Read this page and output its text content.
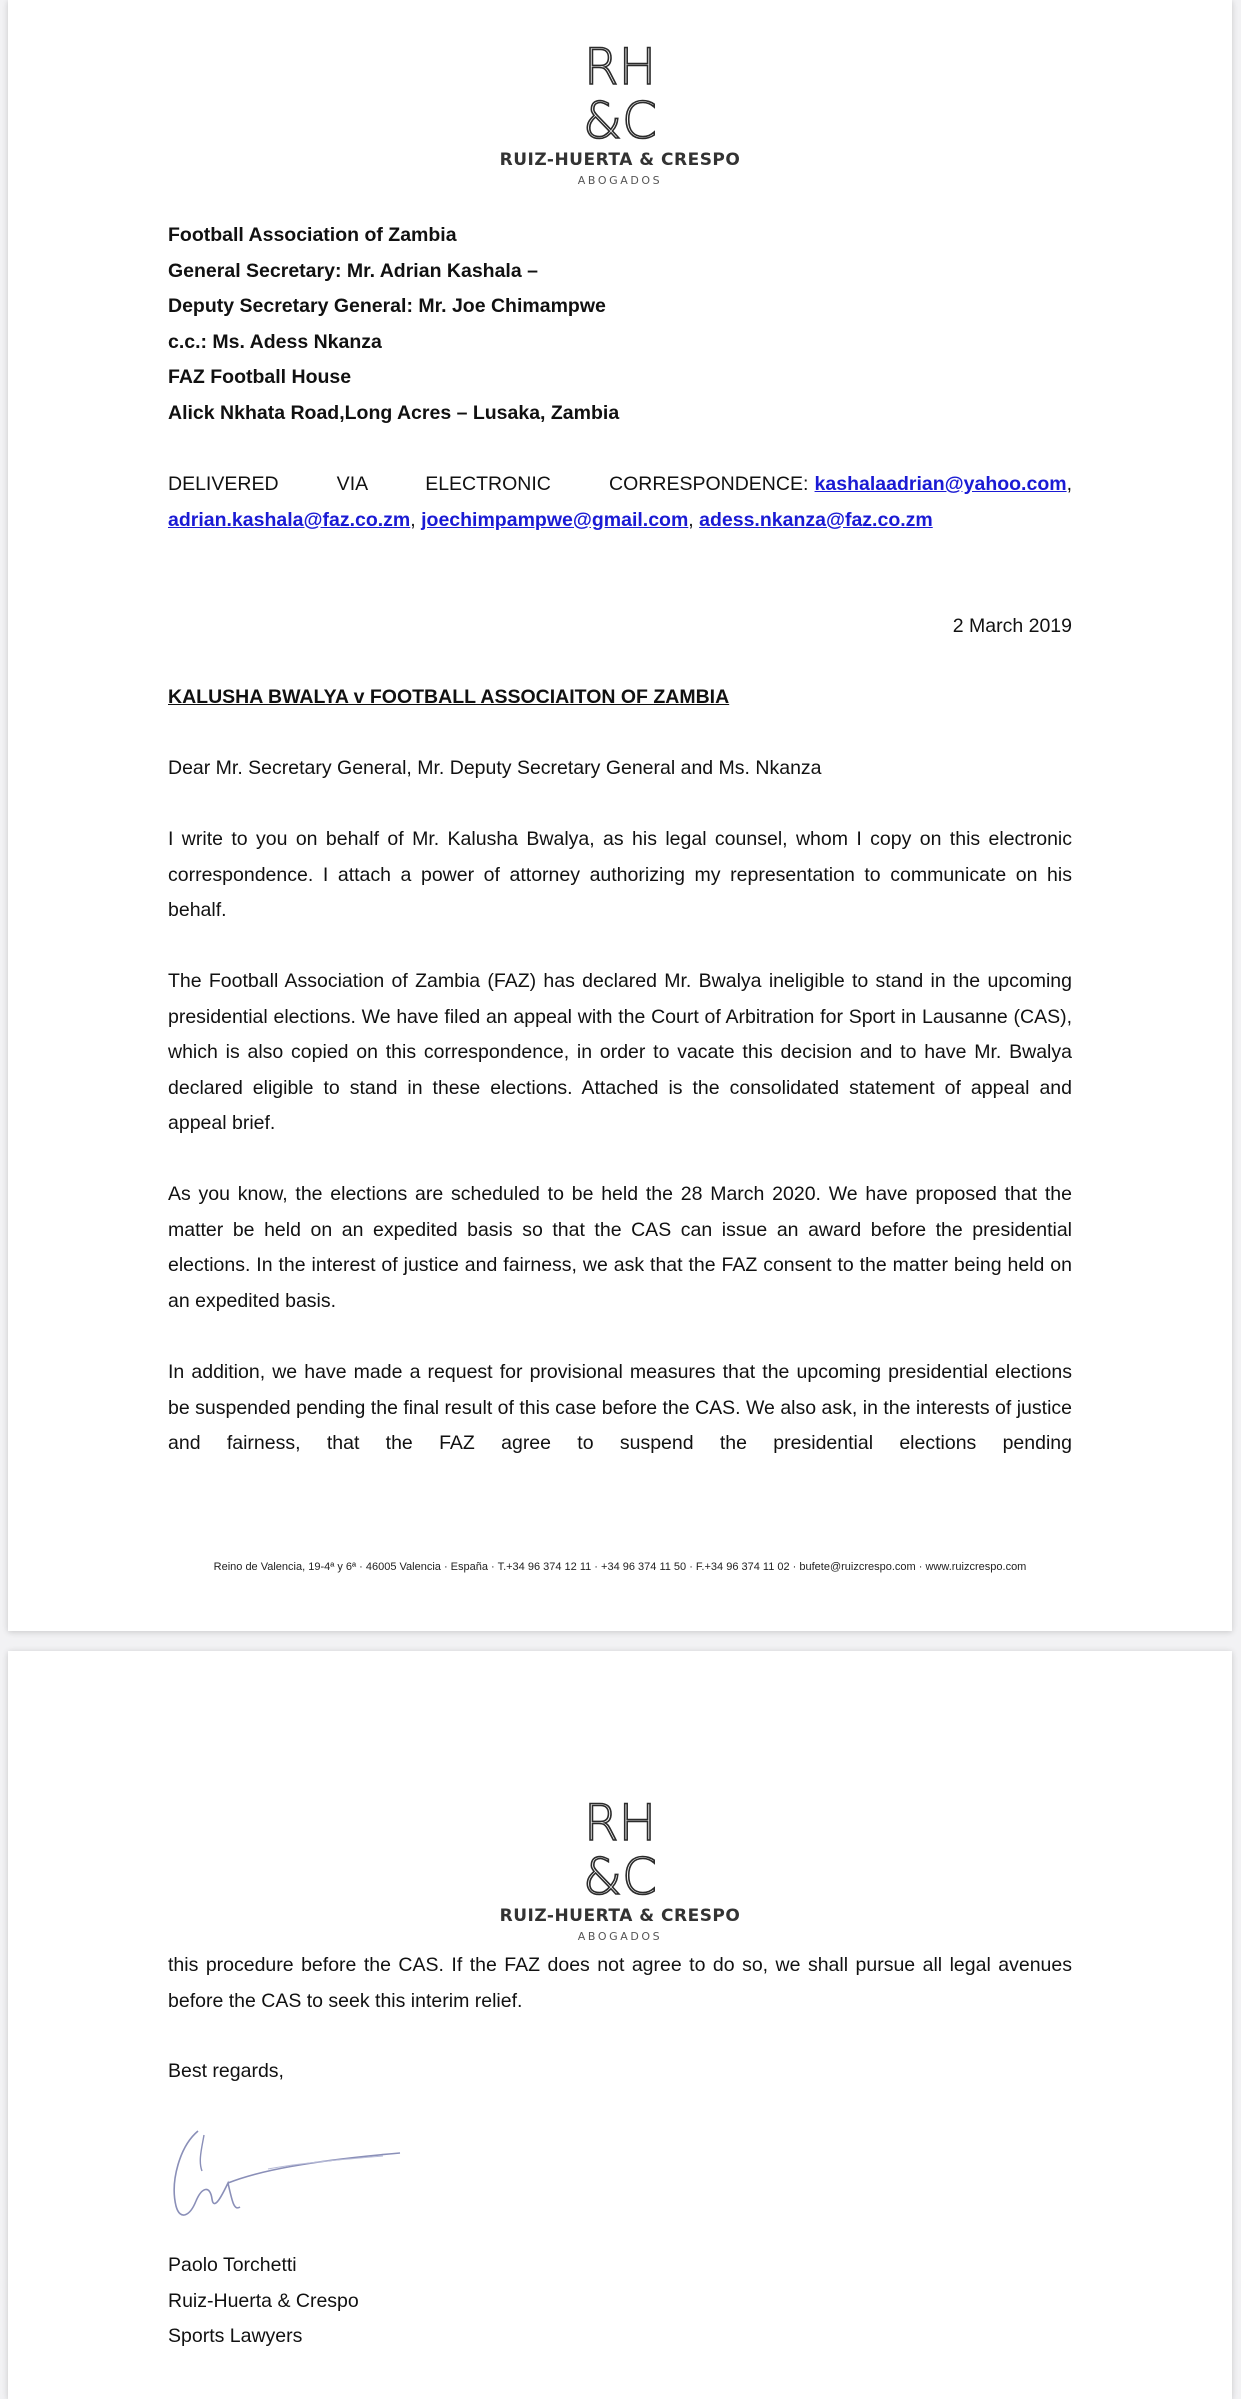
RH
&C
RUIZ-HUERTA & CRESPO
ABOGADOS
Football Association of Zambia
General Secretary: Mr. Adrian Kashala –
Deputy Secretary General: Mr. Joe Chimampwe
c.c.: Ms. Adess Nkanza
FAZ Football House
Alick Nkhata Road,Long Acres – Lusaka, Zambia

DELIVERED VIA ELECTRONIC CORRESPONDENCE: kashalaadrian@yahoo.com,

adrian.kashala@faz.co.zm, joechimpampwe@gmail.com, adess.nkanza@faz.co.zm

2 March 2019
KALUSHA BWALYA v FOOTBALL ASSOCIAITON OF ZAMBIA
Dear Mr. Secretary General, Mr. Deputy Secretary General and Ms. Nkanza
I write to you on behalf of Mr. Kalusha Bwalya, as his legal counsel, whom I copy on this electronic correspondence. I attach a power of attorney authorizing my representation to communicate on his behalf.
The Football Association of Zambia (FAZ) has declared Mr. Bwalya ineligible to stand in the upcoming presidential elections. We have filed an appeal with the Court of Arbitration for Sport in Lausanne (CAS), which is also copied on this correspondence, in order to vacate this decision and to have Mr. Bwalya declared eligible to stand in these elections. Attached is the consolidated statement of appeal and appeal brief.
As you know, the elections are scheduled to be held the 28 March 2020. We have proposed that the matter be held on an expedited basis so that the CAS can issue an award before the presidential elections. In the interest of justice and fairness, we ask that the FAZ consent to the matter being held on an expedited basis.
In addition, we have made a request for provisional measures that the upcoming presidential elections be suspended pending the final result of this case before the CAS. We also ask, in the interests of justice and fairness, that the FAZ agree to suspend the presidential elections pending
Reino de Valencia, 19-4ª y 6ª · 46005 Valencia · España · T.+34 96 374 12 11 · +34 96 374 11 50 · F.+34 96 374 11 02 · bufete@ruizcrespo.com · www.ruizcrespo.com
RH
&C
RUIZ-HUERTA & CRESPO
ABOGADOS
this procedure before the CAS. If the FAZ does not agree to do so, we shall pursue all legal avenues before the CAS to seek this interim relief.
Best regards,
Paolo Torchetti
Ruiz-Huerta & Crespo
Sports Lawyers
